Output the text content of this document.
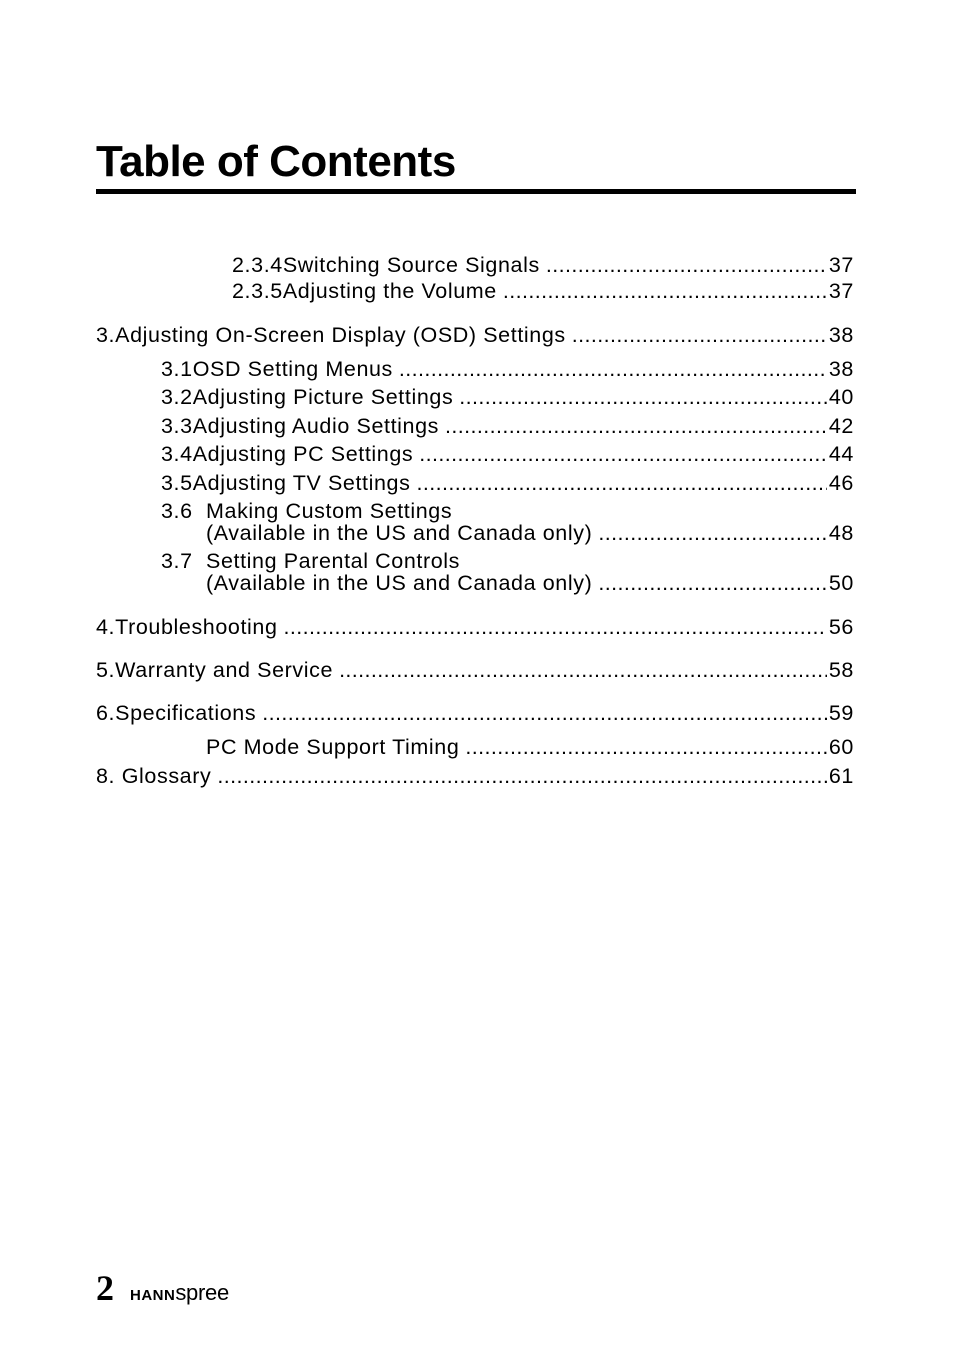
Table of Contents
2.3.4 Switching Source Signals .....	37
2.3.5 Adjusting the Volume .....	37
3. Adjusting On-Screen Display (OSD) Settings .....	38
3.1 OSD Setting Menus .....	38
3.2 Adjusting Picture Settings .....	40
3.3 Adjusting Audio Settings .....	42
3.4 Adjusting PC Settings .....	44
3.5 Adjusting TV Settings .....	46
3.6 Making Custom Settings
(Available in the US and Canada only) .....	48
3.7 Setting Parental Controls
(Available in the US and Canada only) .....	50
4. Troubleshooting .....	56
5. Warranty and Service .....	58
6. Specifications .....	59
PC Mode Support Timing .....	60
8. Glossary .....	61
2 HANNspree
